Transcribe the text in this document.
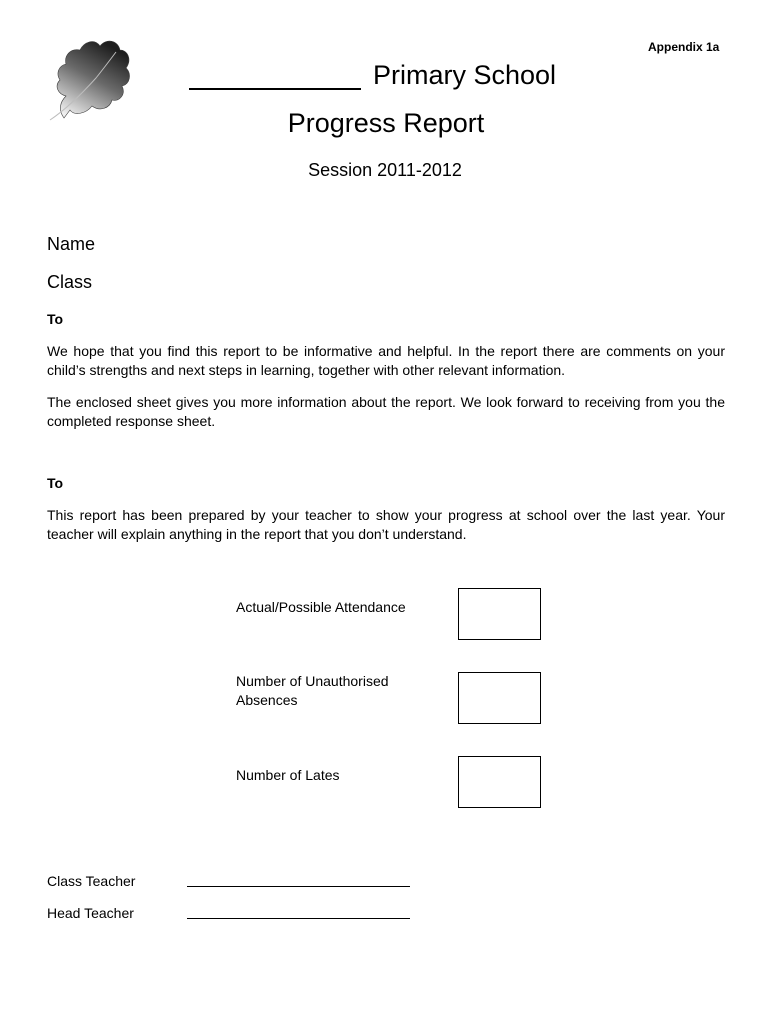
Appendix 1a
Primary School
Progress Report
Session 2011-2012
Name
Class
To

We hope that you find this report to be informative and helpful. In the report there are comments on your child’s strengths and next steps in learning, together with other relevant information.

The enclosed sheet gives you more information about the report. We look forward to receiving from you the completed response sheet.

To

This report has been prepared by your teacher to show your progress at school over the last year. Your teacher will explain anything in the report that you don’t understand.

Actual/Possible Attendance
Number of Unauthorised Absences
Number of Lates
Class Teacher
Head Teacher
